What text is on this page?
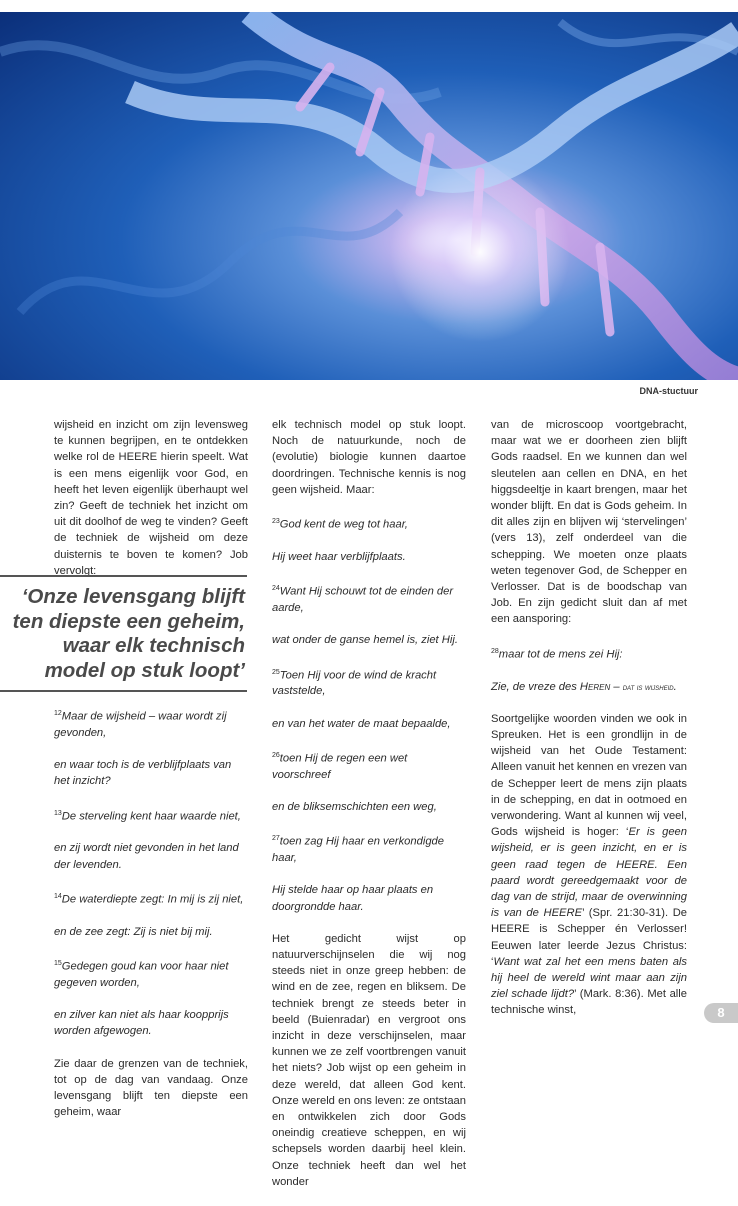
DNA-stuctuur

wijsheid en inzicht om zijn levensweg te kunnen begrijpen, en te ontdekken welke rol de HEERE hierin speelt. Wat is een mens eigenlijk voor God, en heeft het leven eigenlijk überhaupt wel zin? Geeft de techniek het inzicht om uit dit doolhof de weg te vinden? Geeft de techniek de wijsheid om deze duisternis te boven te komen? Job vervolgt:

‘Onze levensgang blijft ten diepste een geheim, waar elk technisch model op stuk loopt’

$^{12}$Maar de wijsheid – waar wordt zij gevonden,

en waar toch is de verblijfplaats van het inzicht?

$^{13}$De sterveling kent haar waarde niet,

en zij wordt niet gevonden in het land der levenden.

$^{14}$De waterdiepte zegt: In mij is zij niet,

en de zee zegt: Zij is niet bij mij.

$^{15}$Gedegen goud kan voor haar niet gegeven worden,

en zilver kan niet als haar koopprijs worden afgewogen.

Zie daar de grenzen van de techniek, tot op de dag van vandaag. Onze levensgang blijft ten diepste een geheim, waar

elk technisch model op stuk loopt. Noch de natuurkunde, noch de (evolutie) biologie kunnen daartoe doordringen. Technische kennis is nog geen wijsheid. Maar:

$^{23}$God kent de weg tot haar,

Hij weet haar verblijfplaats.

$^{24}$Want Hij schouwt tot de einden der aarde,

wat onder de ganse hemel is, ziet Hij.

$^{25}$Toen Hij voor de wind de kracht vaststelde,

en van het water de maat bepaalde,

$^{26}$toen Hij de regen een wet voorschreef

en de bliksemschichten een weg,

$^{27}$toen zag Hij haar en verkondigde haar,

Hij stelde haar op haar plaats en doorgrondde haar.

Het gedicht wijst op natuurverschijnselen die wij nog steeds niet in onze greep hebben: de wind en de zee, regen en bliksem. De techniek brengt ze steeds beter in beeld (Buienradar) en vergroot ons inzicht in deze verschijnselen, maar kunnen we ze zelf voortbrengen vanuit het niets? Job wijst op een geheim in deze wereld, dat alleen God kent. Onze wereld en ons leven: ze ontstaan en ontwikkelen zich door Gods oneindig creatieve scheppen, en wij schepsels worden daarbij heel klein. Onze techniek heeft dan wel het wonder

van de microscoop voortgebracht, maar wat we er doorheen zien blijft Gods raadsel. En we kunnen dan wel sleutelen aan cellen en DNA, en het higgsdeeltje in kaart brengen, maar het wonder blijft. En dat is Gods geheim. In dit alles zijn en blijven wij ‘stervelingen’ (vers 13), zelf onderdeel van die schepping. We moeten onze plaats weten tegenover God, de Schepper en Verlosser. Dat is de boodschap van Job. En zijn gedicht sluit dan af met een aansporing:

$^{28}$maar tot de mens zei Hij:

Zie, de vreze des Heren – dat is wijsheid.

Soortgelijke woorden vinden we ook in Spreuken. Het is een grondlijn in de wijsheid van het Oude Testament: Alleen vanuit het kennen en vrezen van de Schepper leert de mens zijn plaats in de schepping, en dat in ootmoed en verwondering. Want al kunnen wij veel, Gods wijsheid is hoger: ‘Er is geen wijsheid, er is geen inzicht, en er is geen raad tegen de HEERE. Een paard wordt gereedgemaakt voor de dag van de strijd, maar de overwinning is van de HEERE’ (Spr. 21:30-31). De HEERE is Schepper én Verlosser! Eeuwen later leerde Jezus Christus: ‘Want wat zal het een mens baten als hij heel de wereld wint maar aan zijn ziel schade lijdt?’ (Mark. 8:36). Met alle technische winst,	8
